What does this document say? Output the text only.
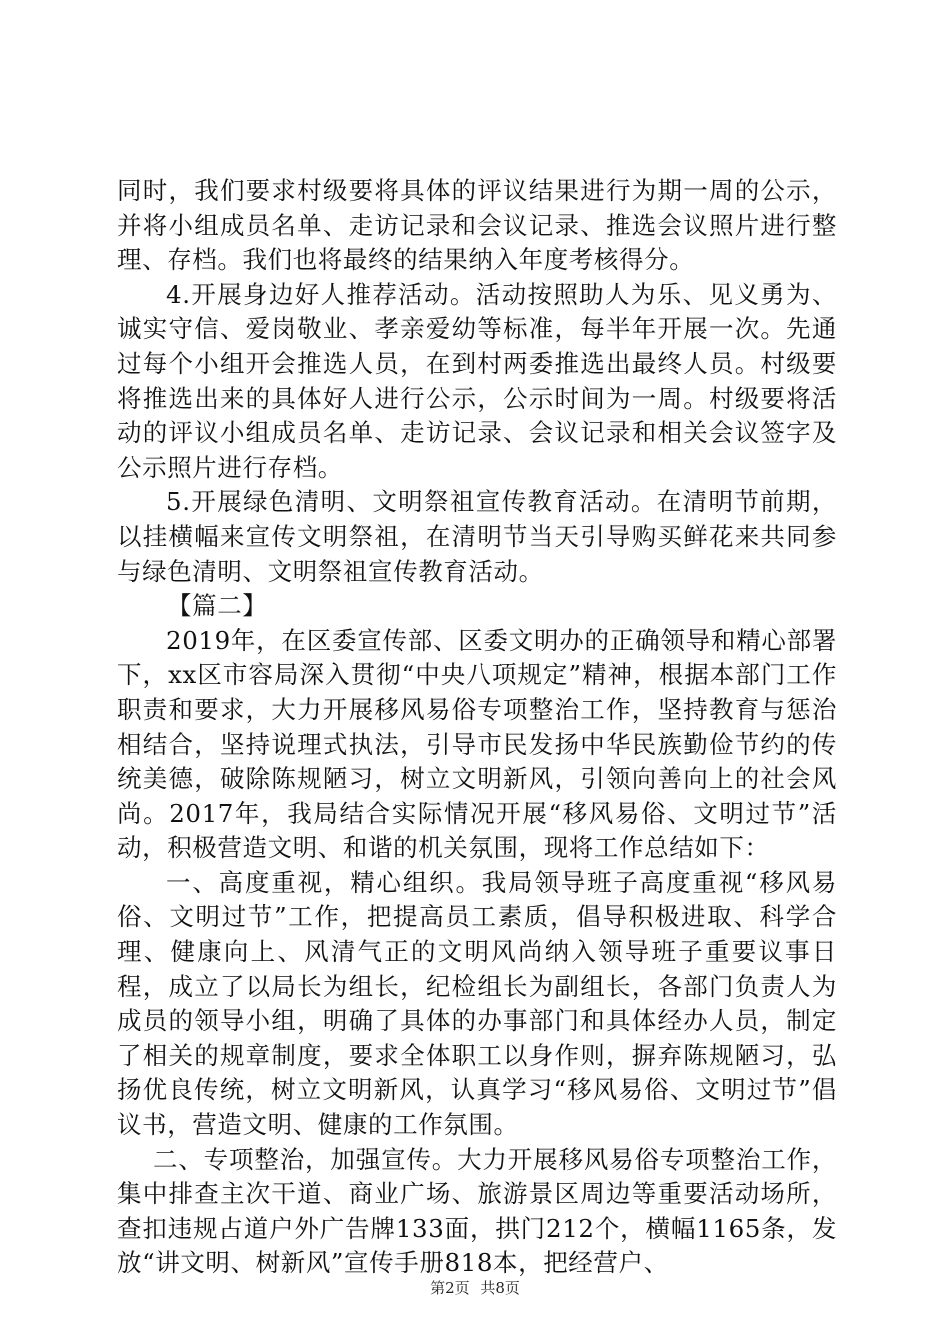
同时，我们要求村级要将具体的评议结果进行为期一周的公示，并将小组成员名单、走访记录和会议记录、推选会议照片进行整理、存档。我们也将最终的结果纳入年度考核得分。

4.开展身边好人推荐活动。活动按照助人为乐、见义勇为、诚实守信、爱岗敬业、孝亲爱幼等标准，每半年开展一次。先通过每个小组开会推选人员，在到村两委推选出最终人员。村级要将推选出来的具体好人进行公示，公示时间为一周。村级要将活动的评议小组成员名单、走访记录、会议记录和相关会议签字及公示照片进行存档。

5.开展绿色清明、文明祭祖宣传教育活动。在清明节前期，以挂横幅来宣传文明祭祖，在清明节当天引导购买鲜花来共同参与绿色清明、文明祭祖宣传教育活动。

【篇二】

2019年，在区委宣传部、区委文明办的正确领导和精心部署下，xx区市容局深入贯彻“中央八项规定”精神，根据本部门工作职责和要求，大力开展移风易俗专项整治工作，坚持教育与惩治相结合，坚持说理式执法，引导市民发扬中华民族勤俭节约的传统美德，破除陈规陋习，树立文明新风，引领向善向上的社会风尚。2017年，我局结合实际情况开展“移风易俗、文明过节”活动，积极营造文明、和谐的机关氛围，现将工作总结如下：

一、高度重视，精心组织。我局领导班子高度重视“移风易俗、文明过节”工作，把提高员工素质，倡导积极进取、科学合理、健康向上、风清气正的文明风尚纳入领导班子重要议事日程，成立了以局长为组长，纪检组长为副组长，各部门负责人为成员的领导小组，明确了具体的办事部门和具体经办人员，制定了相关的规章制度，要求全体职工以身作则，摒弃陈规陋习，弘扬优良传统，树立文明新风，认真学习“移风易俗、文明过节”倡议书，营造文明、健康的工作氛围。

二、专项整治，加强宣传。大力开展移风易俗专项整治工作，集中排查主次干道、商业广场、旅游景区周边等重要活动场所，查扣违规占道户外广告牌133面，拱门212个，横幅1165条，发放“讲文明、树新风”宣传手册818本，把经营户、

第2页 共8页
